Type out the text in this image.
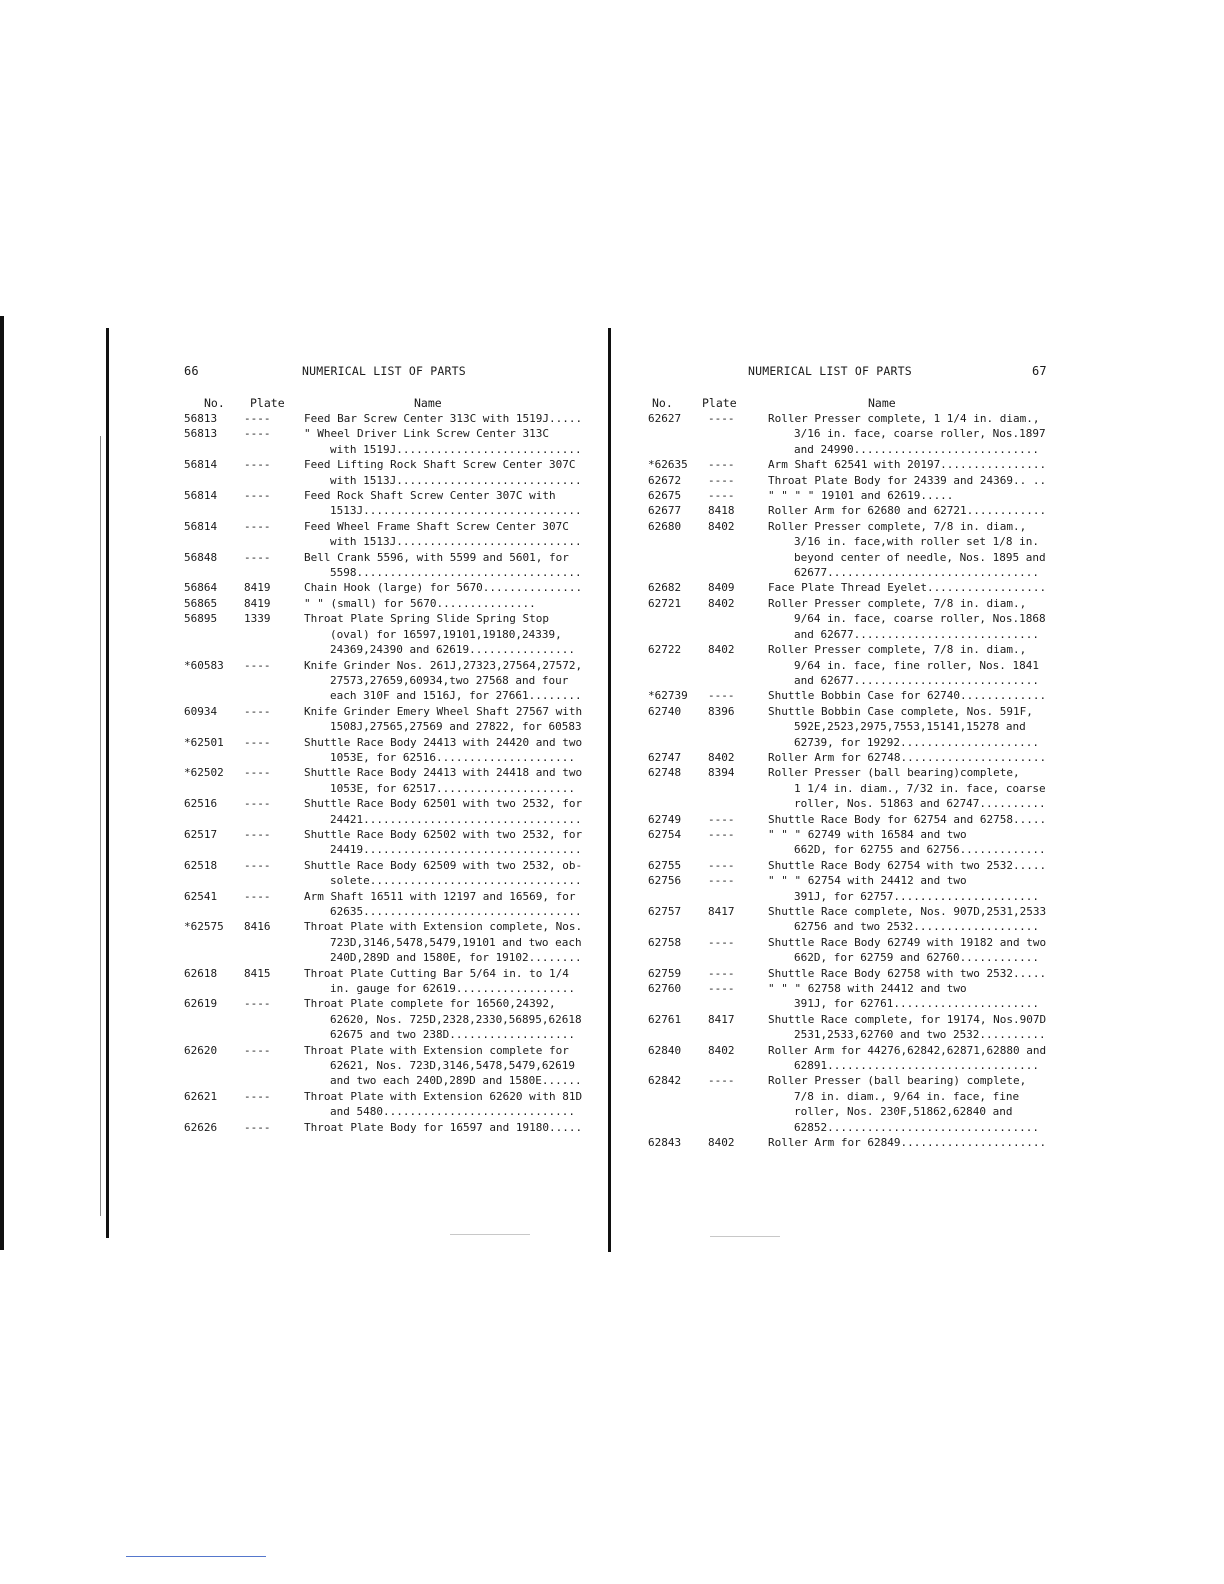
66	NUMERICAL LIST OF PARTS
No. Plate	Name
56813	----	Feed Bar Screw Center 313C with 1519J.....

56813	----	" Wheel Driver Link Screw Center 313C
with 1519J............................

56814	----	Feed Lifting Rock Shaft Screw Center 307C
with 1513J............................

56814	----	Feed Rock Shaft Screw Center 307C with
1513J.................................

56814	----	Feed Wheel Frame Shaft Screw Center 307C
with 1513J............................

56848	----	Bell Crank 5596, with 5599 and 5601, for
5598..................................

56864	8419	Chain Hook (large) for 5670...............

56865	8419	" " (small) for 5670...............

56895	1339	Throat Plate Spring Slide Spring Stop
(oval) for 16597,19101,19180,24339,
24369,24390 and 62619................

*60583	----	Knife Grinder Nos. 261J,27323,27564,27572,
27573,27659,60934,two 27568 and four
each 310F and 1516J, for 27661........

60934	----	Knife Grinder Emery Wheel Shaft 27567 with
1508J,27565,27569 and 27822, for 60583

*62501	----	Shuttle Race Body 24413 with 24420 and two
1053E, for 62516.....................

*62502	----	Shuttle Race Body 24413 with 24418 and two
1053E, for 62517.....................

62516	----	Shuttle Race Body 62501 with two 2532, for
24421.................................

62517	----	Shuttle Race Body 62502 with two 2532, for
24419.................................

62518	----	Shuttle Race Body 62509 with two 2532, ob-
solete................................

62541	----	Arm Shaft 16511 with 12197 and 16569, for
62635.................................

*62575	8416	Throat Plate with Extension complete, Nos.
723D,3146,5478,5479,19101 and two each
240D,289D and 1580E, for 19102........

62618	8415	Throat Plate Cutting Bar 5/64 in. to 1/4
in. gauge for 62619..................

62619	----	Throat Plate complete for 16560,24392,
62620, Nos. 725D,2328,2330,56895,62618
62675 and two 238D...................

62620	----	Throat Plate with Extension complete for
62621, Nos. 723D,3146,5478,5479,62619
and two each 240D,289D and 1580E......

62621	----	Throat Plate with Extension 62620 with 81D
and 5480.............................

62626	----	Throat Plate Body for 16597 and 19180.....
NUMERICAL LIST OF PARTS	67
No.	Plate	Name
62627	----	Roller Presser complete, 1 1/4 in. diam.,
3/16 in. face, coarse roller, Nos.1897
and 24990............................

*62635	----	Arm Shaft 62541 with 20197................

62672	----	Throat Plate Body for 24339 and 24369.. ..

62675	----	" " " " 19101 and 62619.....

62677	8418	Roller Arm for 62680 and 62721............

62680	8402	Roller Presser complete, 7/8 in. diam.,
3/16 in. face,with roller set 1/8 in.
beyond center of needle, Nos. 1895 and
62677................................

62682	8409	Face Plate Thread Eyelet..................

62721	8402	Roller Presser complete, 7/8 in. diam.,
9/64 in. face, coarse roller, Nos.1868
and 62677............................

62722	8402	Roller Presser complete, 7/8 in. diam.,
9/64 in. face, fine roller, Nos. 1841
and 62677............................

*62739	----	Shuttle Bobbin Case for 62740.............

62740	8396	Shuttle Bobbin Case complete, Nos. 591F,
592E,2523,2975,7553,15141,15278 and
62739, for 19292.....................

62747	8402	Roller Arm for 62748......................

62748	8394	Roller Presser (ball bearing)complete,
1 1/4 in. diam., 7/32 in. face, coarse
roller, Nos. 51863 and 62747..........

62749	----	Shuttle Race Body for 62754 and 62758.....

62754	----	" " " 62749 with 16584 and two
662D, for 62755 and 62756.............

62755	----	Shuttle Race Body 62754 with two 2532.....

62756	----	" " " 62754 with 24412 and two
391J, for 62757......................

62757	8417	Shuttle Race complete, Nos. 907D,2531,2533
62756 and two 2532...................

62758	----	Shuttle Race Body 62749 with 19182 and two
662D, for 62759 and 62760............

62759	----	Shuttle Race Body 62758 with two 2532.....

62760	----	" " " 62758 with 24412 and two
391J, for 62761......................

62761	8417	Shuttle Race complete, for 19174, Nos.907D
2531,2533,62760 and two 2532..........

62840	8402	Roller Arm for 44276,62842,62871,62880 and
62891................................

62842	----	Roller Presser (ball bearing) complete,
7/8 in. diam., 9/64 in. face, fine
roller, Nos. 230F,51862,62840 and
62852................................

62843	8402	Roller Arm for 62849......................
